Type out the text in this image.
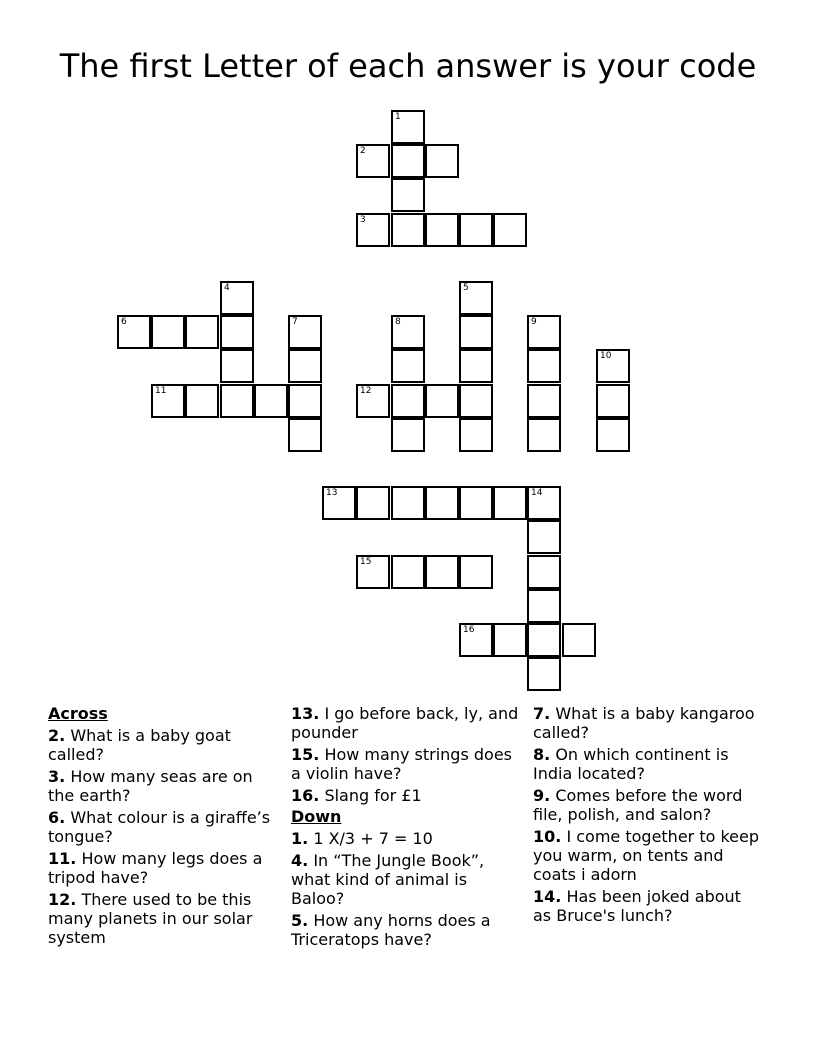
The first Letter of each answer is your code
1
2
3
4	5
6	7	8	9
10
11	12
13	14
15
16
Across
2. What is a baby goat called?
3. How many seas are on the earth?
6. What colour is a giraffe’s tongue?
11. How many legs does a tripod have?
12. There used to be this many planets in our solar system
13. I go before back, ly, and pounder
15. How many strings does a violin have?
16. Slang for £1
Down
1. 1 X/3 + 7 = 10
4. In “The Jungle Book”, what kind of animal is Baloo?
5. How any horns does a Triceratops have?
7. What is a baby kangaroo called?
8. On which continent is India located?
9. Comes before the word file, polish, and salon?
10. I come together to keep you warm, on tents and coats i adorn
14. Has been joked about as Bruce's lunch?
